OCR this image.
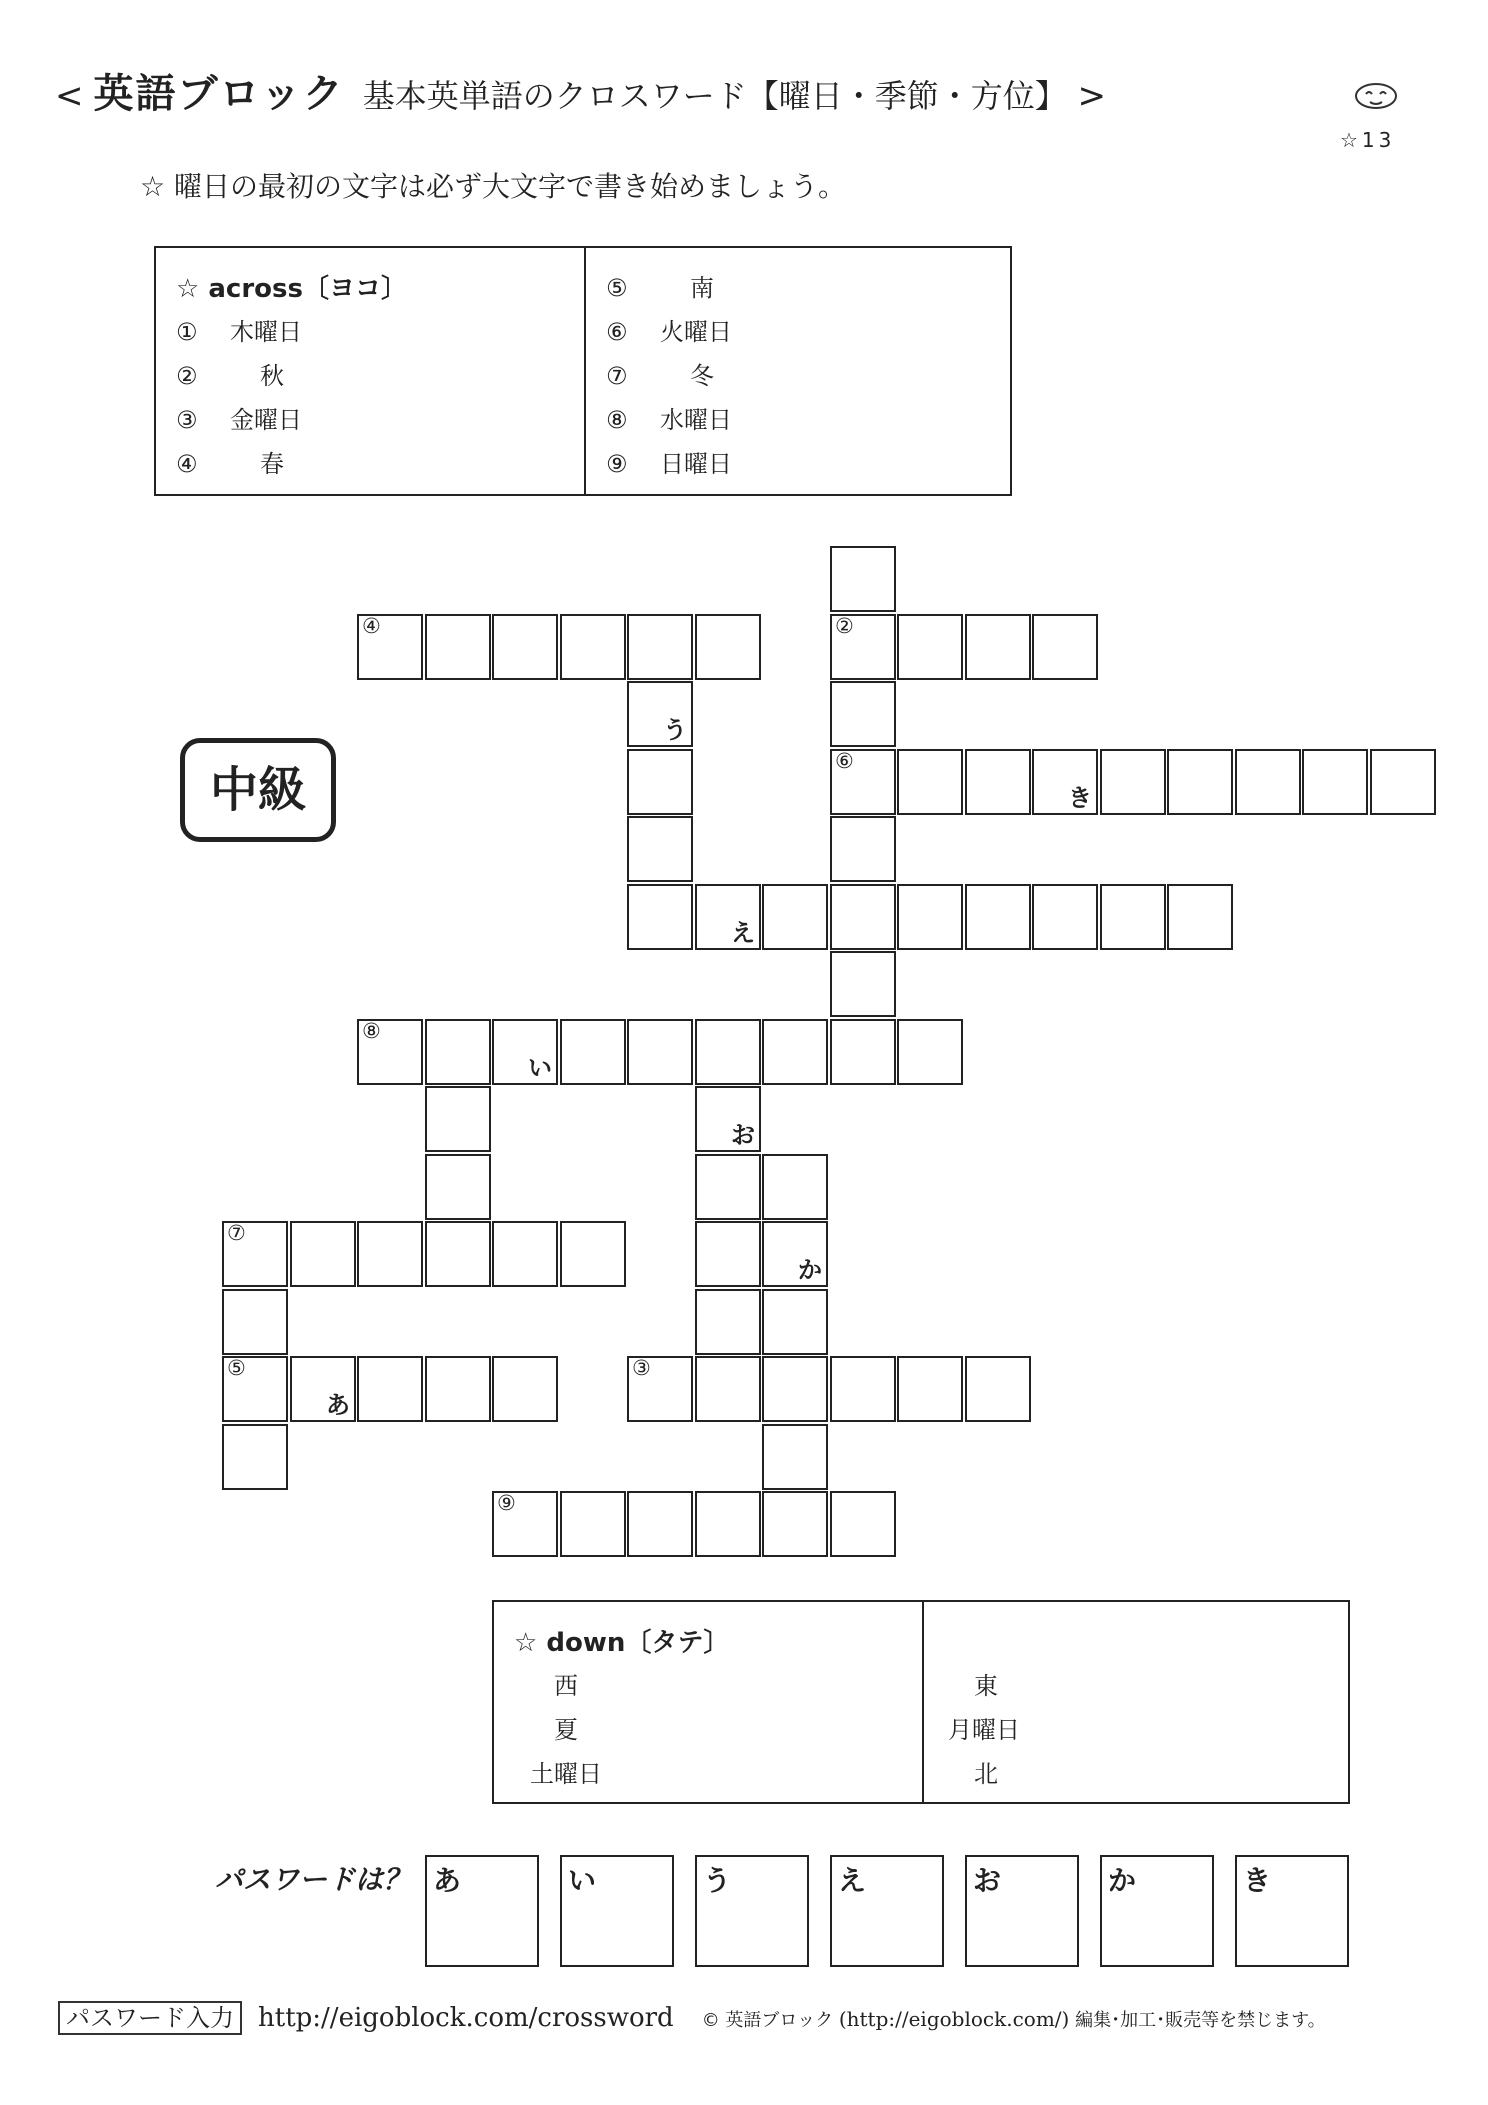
< 英語ブロック 基本英単語のクロスワード【曜日・季節・方位】 >
☆13
☆ 曜日の最初の文字は必ず大文字で書き始めましょう。
☆ across〔ヨコ〕
① 木曜日
②	秋
③ 金曜日
④	春
⑤	南
⑥ 火曜日
⑦	冬
⑧ 水曜日
⑨ 日曜日
中級
④	②
う
⑥
き
え
⑧
い
お
⑦
か
⑤
あ
③
⑨
☆ down〔タテ〕
西
夏
土曜日
東
月曜日
北
パスワードは？ あ	い	う	え	お	か	き
パスワード入力 http://eigoblock.com/crossword © 英語ブロック (http://eigoblock.com/) 編集･加工･販売等を禁じます。
